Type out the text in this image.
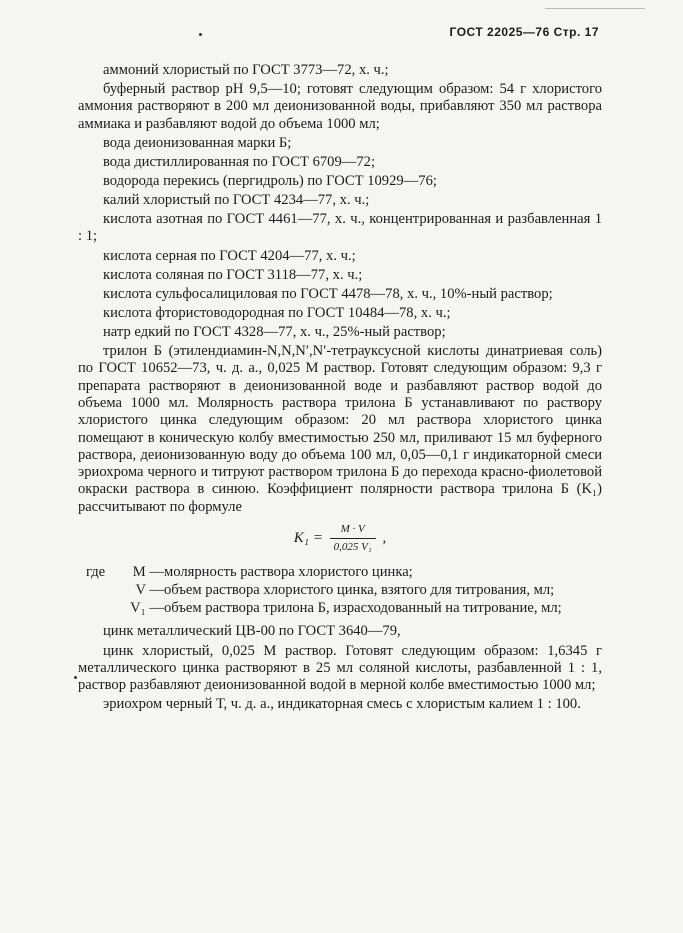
ГОСТ 22025—76 Стр. 17

аммоний хлористый по ГОСТ 3773—72, х. ч.;

буферный раствор pH 9,5—10; готовят следующим образом: 54 г хлористого аммония растворяют в 200 мл деионизованной воды, прибавляют 350 мл раствора аммиака и разбавляют водой до объема 1000 мл;

вода деионизованная марки Б;

вода дистиллированная по ГОСТ 6709—72;

водорода перекись (пергидроль) по ГОСТ 10929—76;

калий хлористый по ГОСТ 4234—77, х. ч.;

кислота азотная по ГОСТ 4461—77, х. ч., концентрированная и разбавленная 1 : 1;

кислота серная по ГОСТ 4204—77, х. ч.;

кислота соляная по ГОСТ 3118—77, х. ч.;

кислота сульфосалициловая по ГОСТ 4478—78, х. ч., 10%-ный раствор;

кислота фтористоводородная по ГОСТ 10484—78, х. ч.;

натр едкий по ГОСТ 4328—77, х. ч., 25%-ный раствор;

трилон Б (этилендиамин-N,N,N′,N′-тетрауксусной кислоты динатриевая соль) по ГОСТ 10652—73, ч. д. а., 0,025 М раствор. Готовят следующим образом: 9,3 г препарата растворяют в деионизованной воде и разбавляют раствор водой до объема 1000 мл. Молярность раствора трилона Б устанавливают по раствору хлористого цинка следующим образом: 20 мл раствора хлористого цинка помещают в коническую колбу вместимостью 250 мл, приливают 15 мл буферного раствора, деионизованную воду до объема 100 мл, 0,05—0,1 г индикаторной смеси эриохрома черного и титруют раствором трилона Б до перехода красно-фиолетовой окраски раствора в синюю. Коэффициент полярности раствора трилона Б (K₁) рассчитывают по формуле

$K_1 = \frac{M \cdot V}{\text{0,025 V₁}}$ ,
где	M — молярность раствора хлористого цинка;
V — объем раствора хлористого цинка, взятого для титрования, мл;
V₁ — объем раствора трилона Б, израсходованный на титрование, мл;

цинк металлический ЦВ-00 по ГОСТ 3640—79,

цинк хлористый, 0,025 М раствор. Готовят следующим образом: 1,6345 г металлического цинка растворяют в 25 мл соляной кислоты, разбавленной 1 : 1, раствор разбавляют деионизованной водой в мерной колбе вместимостью 1000 мл;

эриохром черный Т, ч. д. а., индикаторная смесь с хлористым калием 1 : 100.
